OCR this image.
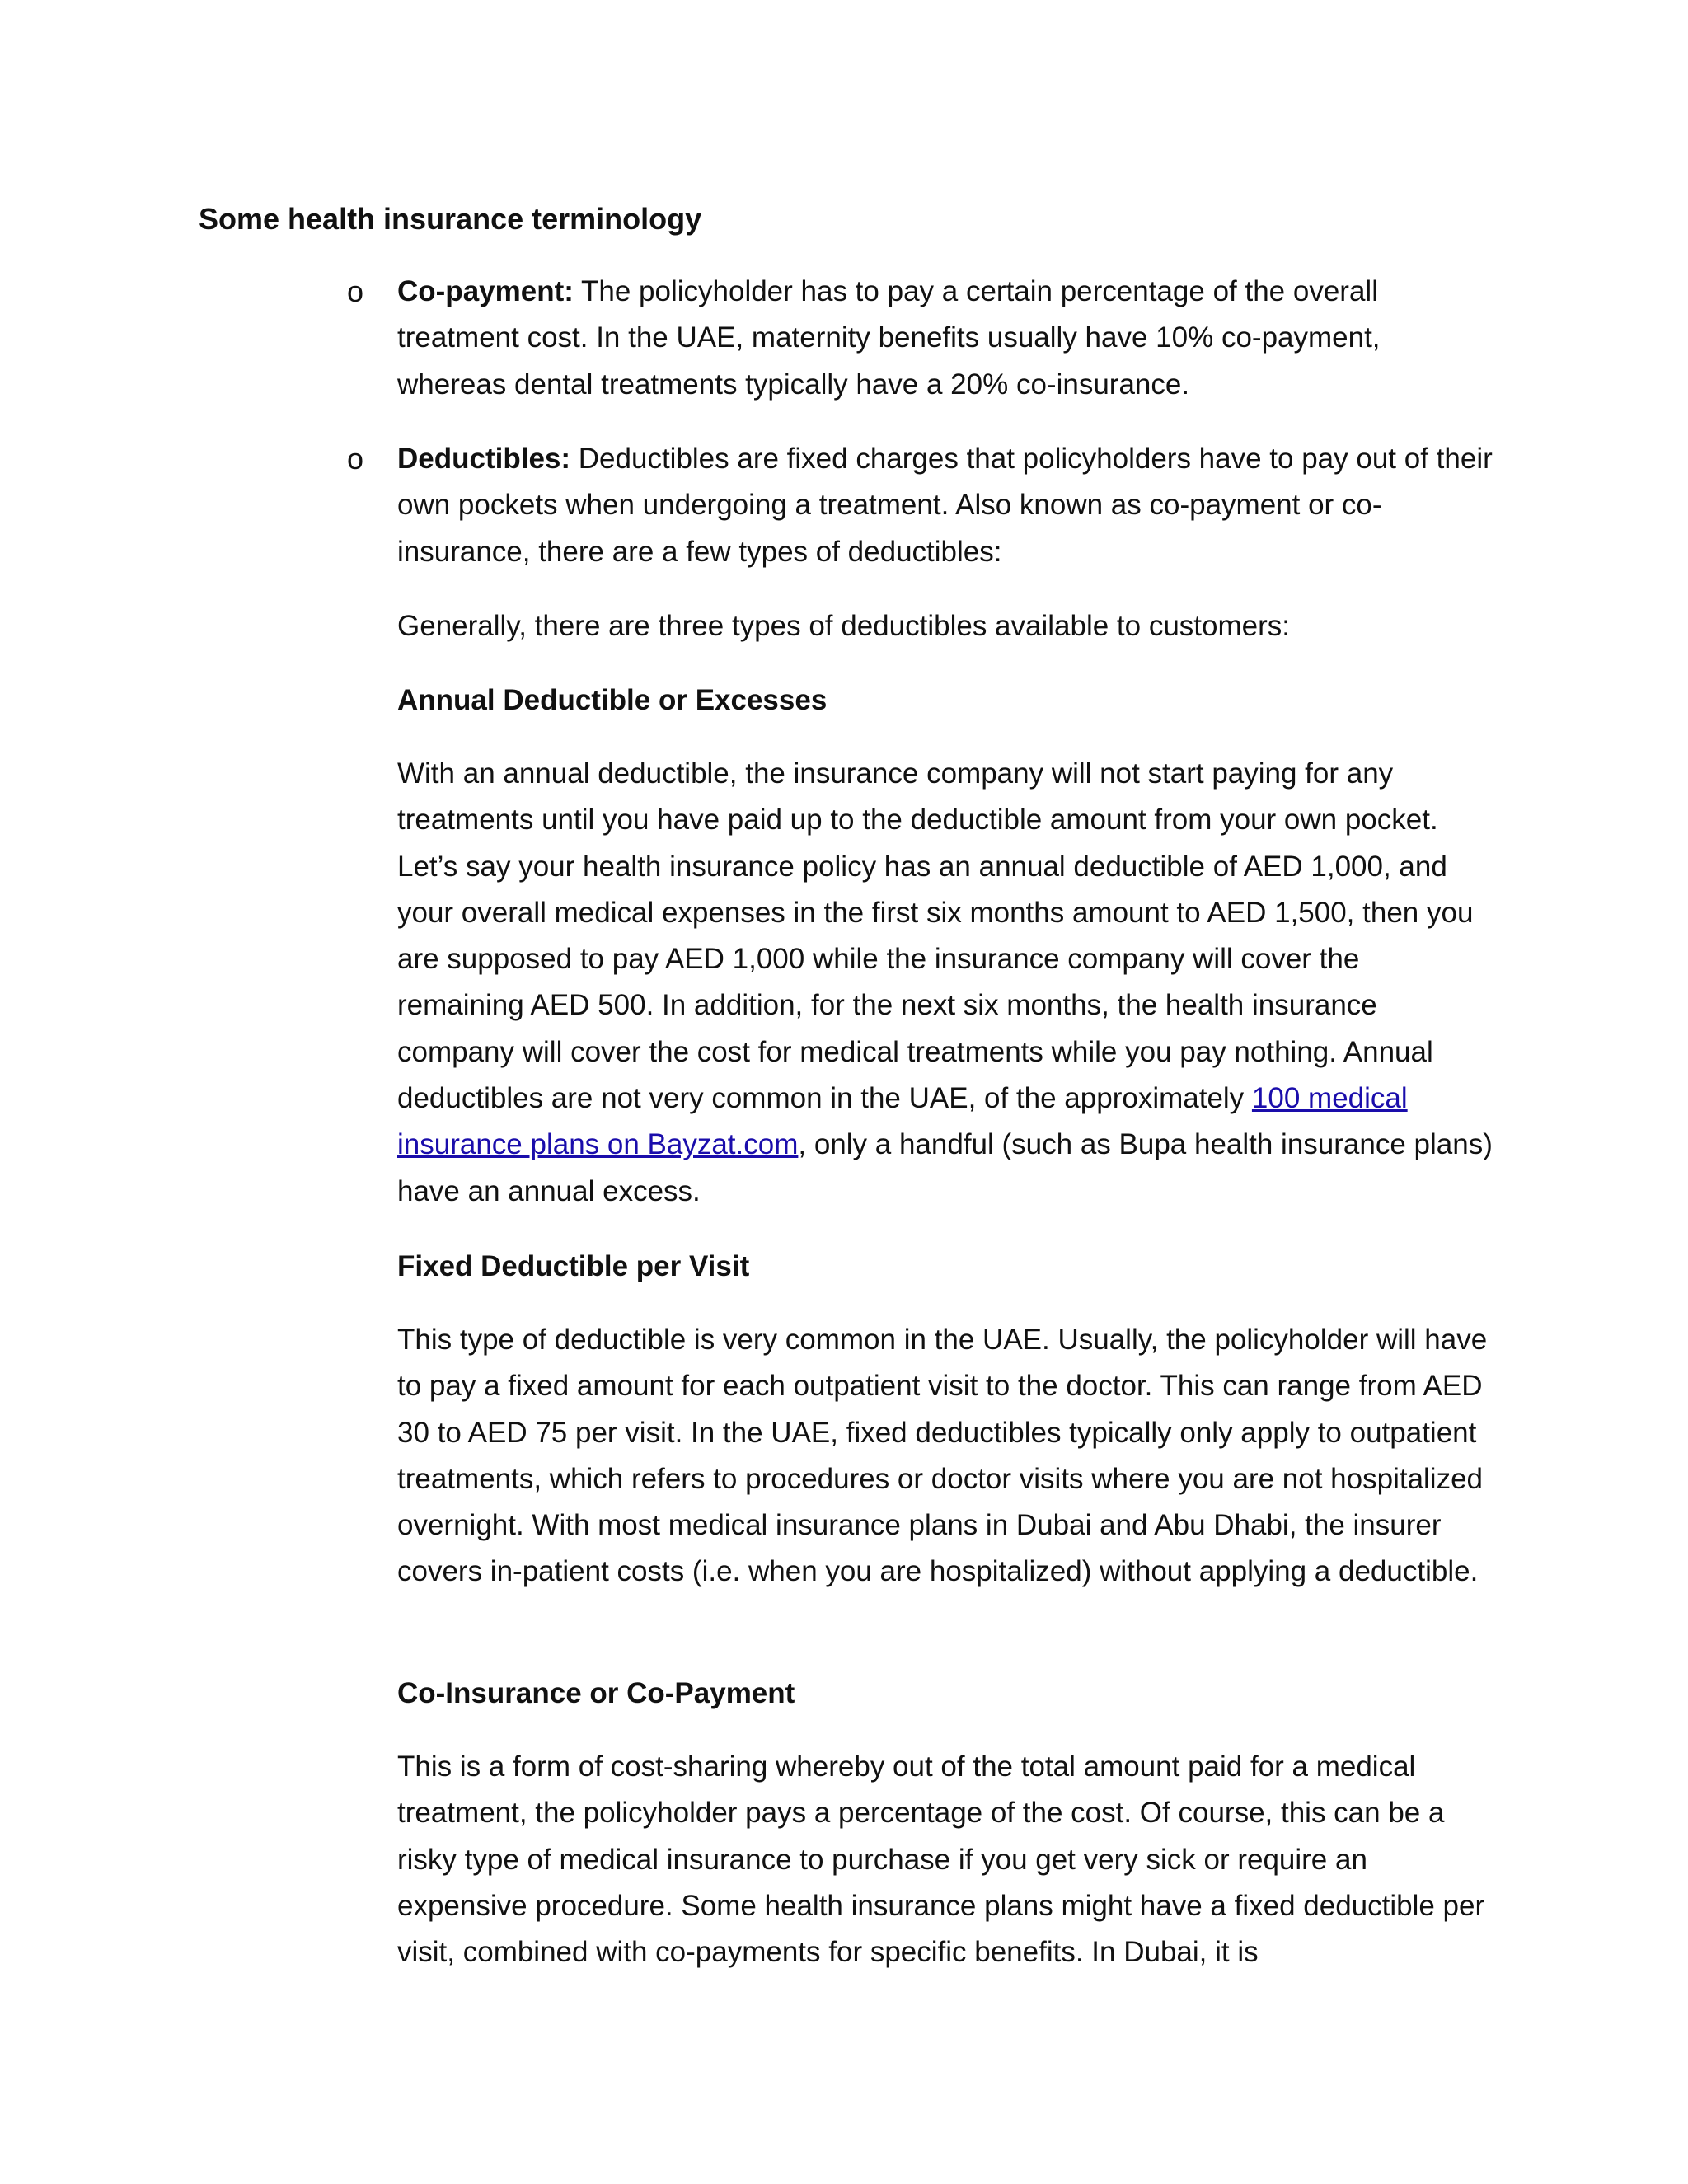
Some health insurance terminology
o Co-payment: The policyholder has to pay a certain percentage of the overall treatment cost. In the UAE, maternity benefits usually have 10% co-payment, whereas dental treatments typically have a 20% co-insurance.

o Deductibles: Deductibles are fixed charges that policyholders have to pay out of their own pockets when undergoing a treatment. Also known as co-payment or co-insurance, there are a few types of deductibles:

Generally, there are three types of deductibles available to customers:

Annual Deductible or Excesses

With an annual deductible, the insurance company will not start paying for any treatments until you have paid up to the deductible amount from your own pocket. Let’s say your health insurance policy has an annual deductible of AED 1,000, and your overall medical expenses in the first six months amount to AED 1,500, then you are supposed to pay AED 1,000 while the insurance company will cover the remaining AED 500. In addition, for the next six months, the health insurance company will cover the cost for medical treatments while you pay nothing. Annual deductibles are not very common in the UAE, of the approximately 100 medical insurance plans on Bayzat.com, only a handful (such as Bupa health insurance plans) have an annual excess.

Fixed Deductible per Visit

This type of deductible is very common in the UAE. Usually, the policyholder will have to pay a fixed amount for each outpatient visit to the doctor. This can range from AED 30 to AED 75 per visit. In the UAE, fixed deductibles typically only apply to outpatient treatments, which refers to procedures or doctor visits where you are not hospitalized overnight. With most medical insurance plans in Dubai and Abu Dhabi, the insurer covers in-patient costs (i.e. when you are hospitalized) without applying a deductible.

Co-Insurance or Co-Payment

This is a form of cost-sharing whereby out of the total amount paid for a medical treatment, the policyholder pays a percentage of the cost. Of course, this can be a risky type of medical insurance to purchase if you get very sick or require an expensive procedure. Some health insurance plans might have a fixed deductible per visit, combined with co-payments for specific benefits. In Dubai, it is
